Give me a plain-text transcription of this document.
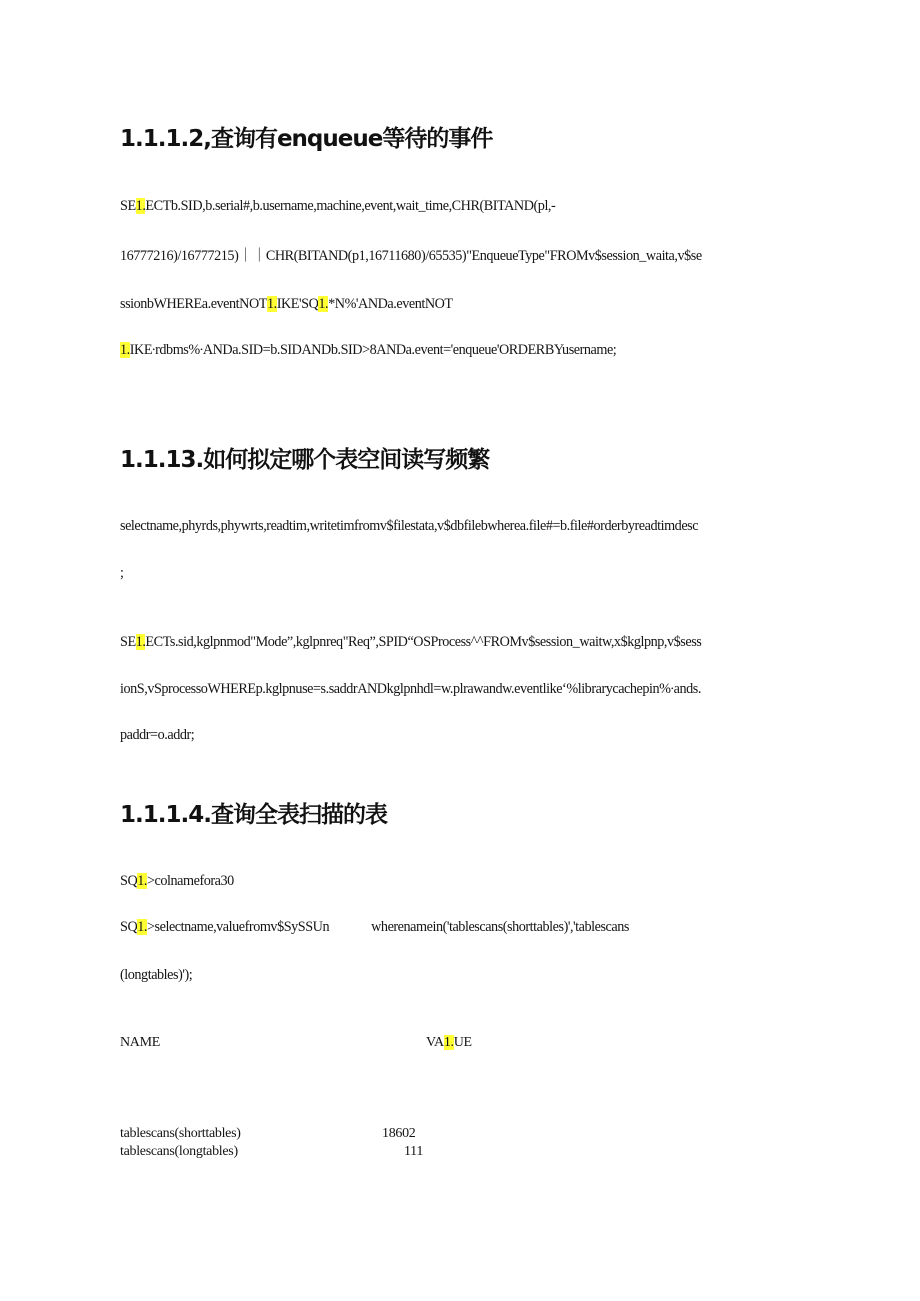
1.1.1.2,查询有enqueue等待的事件
SE1.ECTb.SID,b.serial#,b.username,machine,event,wait_time,CHR(BITAND(pl,-
16777216)/16777215)｜｜CHR(BITAND(p1,16711680)/65535)"EnqueueType"FROMv$session_waita,v$se
ssionbWHEREa.eventNOT1.IKE'SQ1.*N%'ANDa.eventNOT
1.IKE∙rdbms%∙ANDa.SID=b.SIDANDb.SID>8ANDa.event='enqueue'ORDERBYusername;
1.1.13.如何拟定哪个表空间读写频繁
selectname,phyrds,phywrts,readtim,writetimfromv$filestata,v$dbfilebwherea.file#=b.file#orderbyreadtimdesc
;
SE1.ECTs.sid,kglpnmod"Mode”,kglpnreq"Req”,SPID“OSProcess^^FROMv$session_waitw,x$kglpnp,v$sess
ionS,vSprocessoWHEREp.kglpnuse=s.saddrANDkglpnhdl=w.plrawandw.eventlike‘%librarycachepin%∙ands.
paddr=o.addr;
1.1.1.4.查询全表扫描的表
SQ1.>colnamefora30
SQ1.>selectname,valuefromv$SySSUn	wherenamein('tablescans(shorttables)','tablescans
(longtables)');
NAME	VA1.UE
tablescans(shorttables)	18602
tablescans(longtables)	111
